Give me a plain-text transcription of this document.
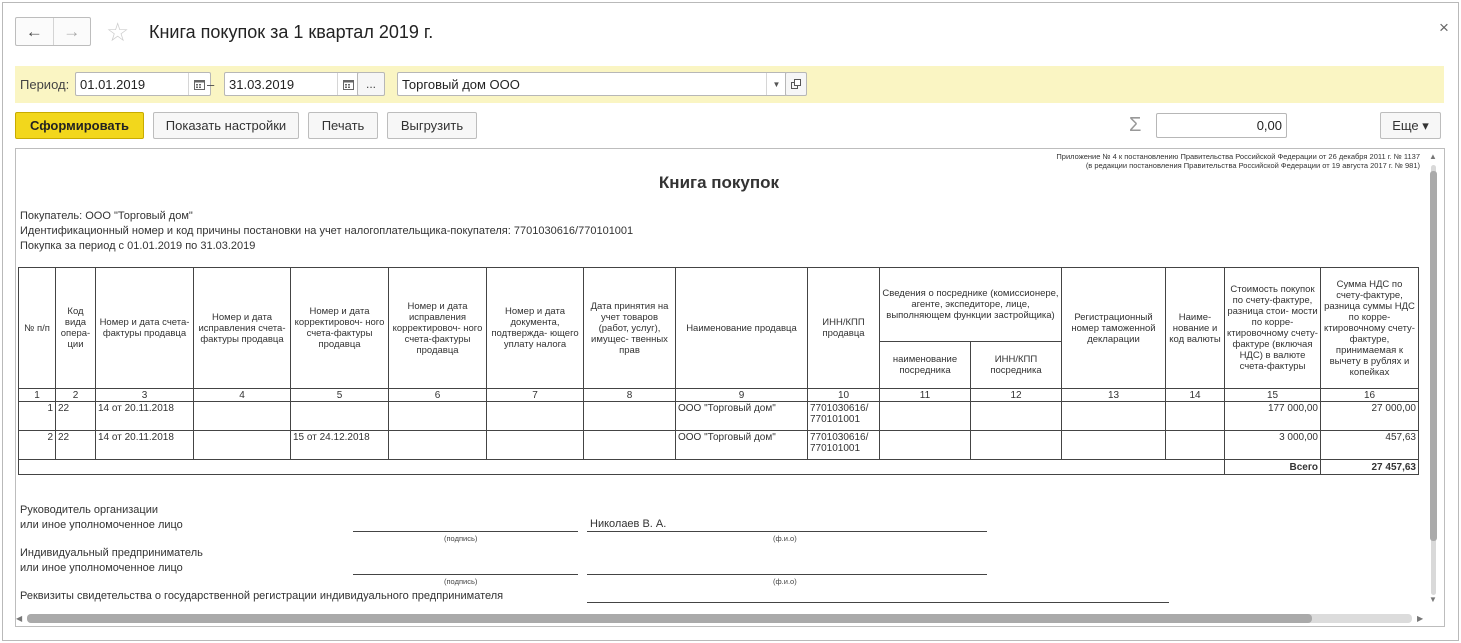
←	→ ☆ Книга покупок за 1 квартал 2019 г.	×
Период: 01.01.2019	–	31.03.2019	...	Торговый дом ООО	▼
Сформировать	Показать настройки	Печать	Выгрузить	Σ	0,00	Еще ▾
Приложение № 4 к постановлению Правительства Российской Федерации от 26 декабря 2011 г. № 1137
(в редакции постановления Правительства Российской Федерации от 19 августа 2017 г. № 981)
Книга покупок
Покупатель: ООО "Торговый дом"
Идентификационный номер и код причины постановки на учет налогоплательщика-покупателя: 7701030616/770101001
Покупка за период с 01.01.2019 по 31.03.2019
№ п/п	Код вида опера- ции	Номер и дата счета-фактуры продавца	Номер и дата исправления счета-фактуры продавца	Номер и дата корректировоч- ного счета-фактуры продавца	Номер и дата исправления корректировоч- ного счета-фактуры продавца	Номер и дата документа, подтвержда- ющего уплату налога	Дата принятия на учет товаров (работ, услуг), имущес- твенных прав	Наименование продавца	ИНН/КПП продавца	Сведения о посреднике (комиссионере, агенте, экспедиторе, лице, выполняющем функции застройщика)		Регистрационный номер таможенной декларации	Наиме- нование и код валюты	Стоимость покупок по счету-фактуре, разница стои- мости по корре- ктировочному счету-фактуре (включая НДС) в валюте счета-фактуры	Сумма НДС по счету-фактуре, разница суммы НДС по корре- ктировочному счету-фактуре, принимаемая к вычету в рублях и копейках
										наименование посредника	ИНН/КПП посредника				
1	2	3	4	5	6	7	8	9	10	11	12	13	14	15	16
1	22	14 от 20.11.2018						ООО "Торговый дом"	7701030616/ 770101001					177 000,00	27 000,00
2	22	14 от 20.11.2018		15 от 24.12.2018				ООО "Торговый дом"	7701030616/ 770101001					3 000,00	457,63
														Всего	27 457,63
Руководитель организации
или иное уполномоченное лицо	Николаев В. А.
(подпись)	(ф.и.о)
Индивидуальный предприниматель
или иное уполномоченное лицо
(подпись)	(ф.и.о)
Реквизиты свидетельства о государственной регистрации индивидуального предпринимателя
▲
▼
◀	▶
